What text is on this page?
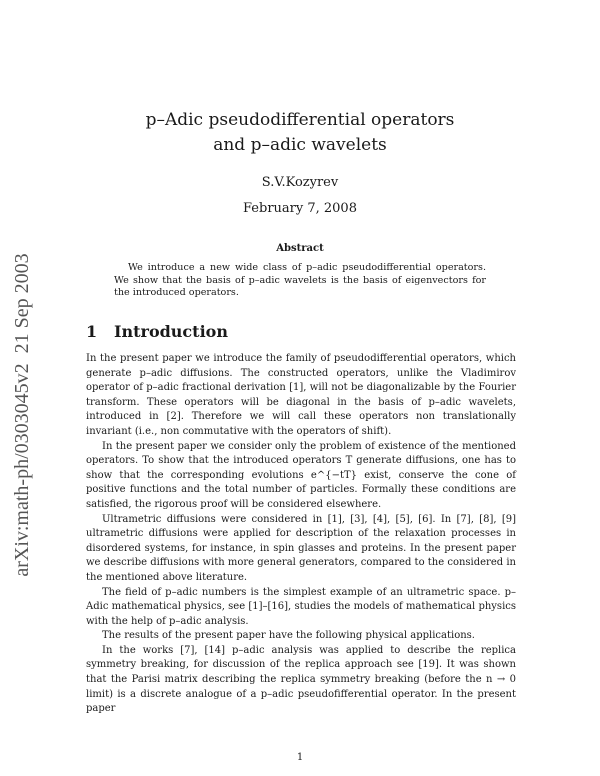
arXiv:math-ph/0303045v2  21 Sep 2003
p–Adic pseudodifferential operators
and p–adic wavelets
S.V.Kozyrev
February 7, 2008
Abstract

We introduce a new wide class of p–adic pseudodifferential operators. We show that the basis of p–adic wavelets is the basis of eigenvectors for the introduced operators.

1 Introduction

In the present paper we introduce the family of pseudodifferential operators, which generate p–adic diffusions. The constructed operators, unlike the Vladimirov operator of p–adic fractional derivation [1], will not be diagonalizable by the Fourier transform. These operators will be diagonal in the basis of p–adic wavelets, introduced in [2]. Therefore we will call these operators non translationally invariant (i.e., non commutative with the operators of shift).

In the present paper we consider only the problem of existence of the mentioned operators. To show that the introduced operators T generate diffusions, one has to show that the corresponding evolutions e^{−tT} exist, conserve the cone of positive functions and the total number of particles. Formally these conditions are satisfied, the rigorous proof will be considered elsewhere.

Ultrametric diffusions were considered in [1], [3], [4], [5], [6]. In [7], [8], [9] ultrametric diffusions were applied for description of the relaxation processes in disordered systems, for instance, in spin glasses and proteins. In the present paper we describe diffusions with more general generators, compared to the considered in the mentioned above literature.

The field of p–adic numbers is the simplest example of an ultrametric space. p–Adic mathematical physics, see [1]–[16], studies the models of mathematical physics with the help of p–adic analysis.

The results of the present paper have the following physical applications.

In the works [7], [14] p–adic analysis was applied to describe the replica symmetry breaking, for discussion of the replica approach see [19]. It was shown that the Parisi matrix describing the replica symmetry breaking (before the n → 0 limit) is a discrete analogue of a p–adic pseudofifferential operator. In the present paper

1
